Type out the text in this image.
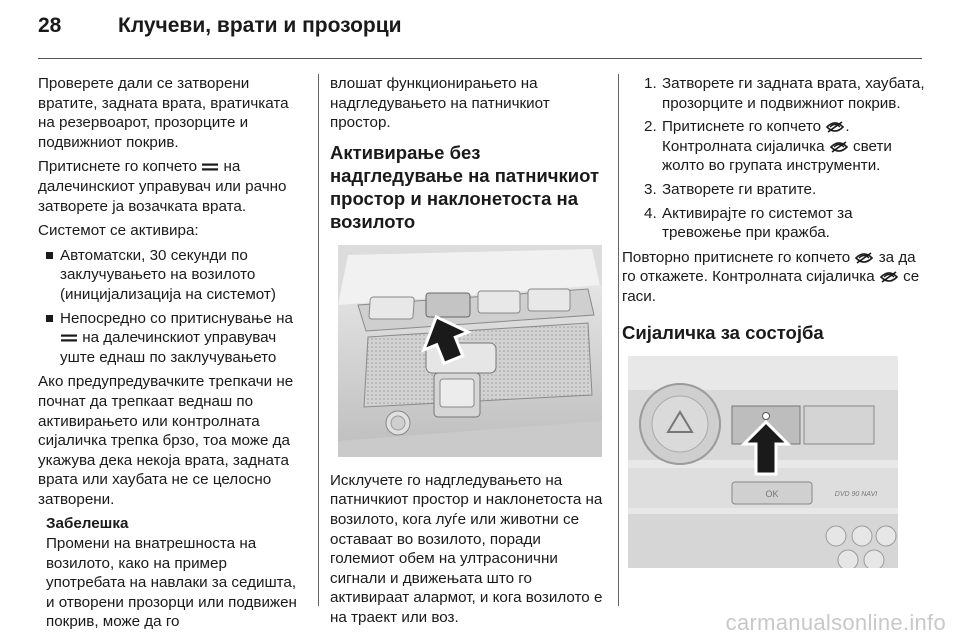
28	Клучеви, врати и прозорци

Проверете дали се затворени вратите, задната врата, вратичката на резервоарот, прозорците и подвижниот покрив.

Притиснете го копчето  на далечинскиот управувач или рачно затворете ја возачката врата.

Системот се активира:

Автоматски, 30 секунди по заклучувањето на возилото (иницијализација на системот)
Непосредно со притиснување на  на далечинскиот управувач уште еднаш по заклучувањето

Ако предупредувачките трепкачи не почнат да трепкаат веднаш по активирањето или контролната сијаличка трепка брзо, тоа може да укажува дека некоја врата, задната врата или хаубата не се целосно затворени.

Забелешка
Промени на внатрешноста на возилото, како на пример употребата на навлаки за седишта, и отворени прозорци или подвижен покрив, може да го

влошат функционирањето на надгледувањето на патничкиот простор.

Активирање без надгледување на патничкиот простор и наклонетоста на возилото

Исклучете го надгледувањето на патничкиот простор и наклонетоста на возилото, кога луѓе или животни се оставаат во возилото, поради големиот обем на ултрасонични сигнали и движењата што го активираат алармот, и кога возилото е на траект или воз.

1. Затворете ги задната врата, хаубата, прозорците и подвижниот покрив.
2. Притиснете го копчето . Контролната сијаличка  свети жолто во групата инструменти.
3. Затворете ги вратите.
4. Активирајте го системот за тревожење при кражба.

Повторно притиснете го копчето  за да го откажете. Контролната сијаличка  се гаси.

Сијаличка за состојба
OK	DVD 90 NAVI
carmanualsonline.info
